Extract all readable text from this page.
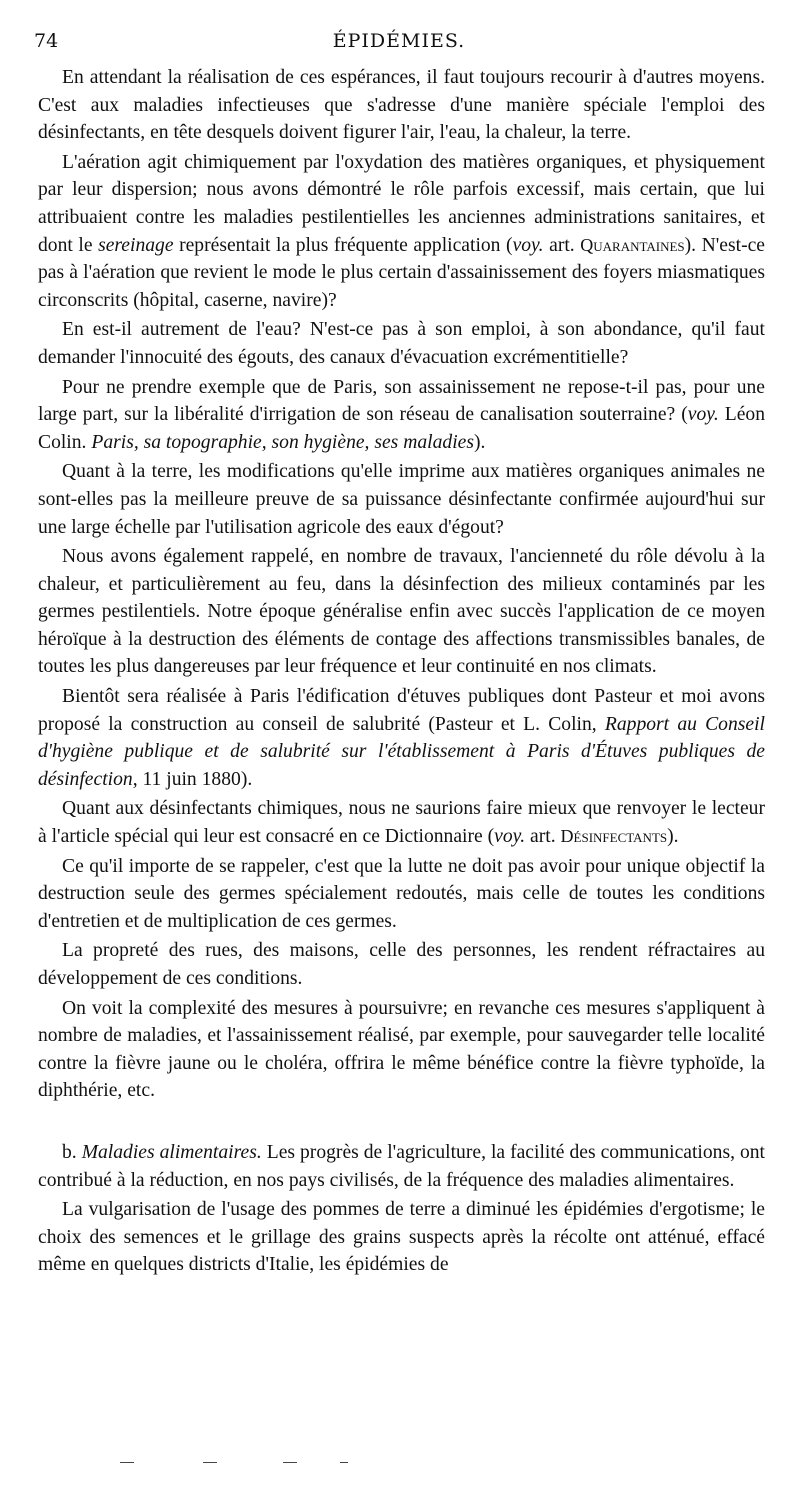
74	ÉPIDÉMIES.

En attendant la réalisation de ces espérances, il faut toujours recourir à d'autres moyens. C'est aux maladies infectieuses que s'adresse d'une manière spéciale l'emploi des désinfectants, en tête desquels doivent figurer l'air, l'eau, la chaleur, la terre.

L'aération agit chimiquement par l'oxydation des matières organiques, et physiquement par leur dispersion; nous avons démontré le rôle parfois excessif, mais certain, que lui attribuaient contre les maladies pestilentielles les anciennes administrations sanitaires, et dont le sereinage représentait la plus fréquente application (voy. art. Quarantaines). N'est-ce pas à l'aération que revient le mode le plus certain d'assainissement des foyers miasmatiques circonscrits (hôpital, caserne, navire)?

En est-il autrement de l'eau? N'est-ce pas à son emploi, à son abondance, qu'il faut demander l'innocuité des égouts, des canaux d'évacuation excrémentitielle?

Pour ne prendre exemple que de Paris, son assainissement ne repose-t-il pas, pour une large part, sur la libéralité d'irrigation de son réseau de canalisation souterraine? (voy. Léon Colin. Paris, sa topographie, son hygiène, ses maladies).

Quant à la terre, les modifications qu'elle imprime aux matières organiques animales ne sont-elles pas la meilleure preuve de sa puissance désinfectante confirmée aujourd'hui sur une large échelle par l'utilisation agricole des eaux d'égout?

Nous avons également rappelé, en nombre de travaux, l'ancienneté du rôle dévolu à la chaleur, et particulièrement au feu, dans la désinfection des milieux contaminés par les germes pestilentiels. Notre époque généralise enfin avec succès l'application de ce moyen héroïque à la destruction des éléments de contage des affections transmissibles banales, de toutes les plus dangereuses par leur fréquence et leur continuité en nos climats.

Bientôt sera réalisée à Paris l'édification d'étuves publiques dont Pasteur et moi avons proposé la construction au conseil de salubrité (Pasteur et L. Colin, Rapport au Conseil d'hygiène publique et de salubrité sur l'établissement à Paris d'Étuves publiques de désinfection, 11 juin 1880).

Quant aux désinfectants chimiques, nous ne saurions faire mieux que renvoyer le lecteur à l'article spécial qui leur est consacré en ce Dictionnaire (voy. art. Désinfectants).

Ce qu'il importe de se rappeler, c'est que la lutte ne doit pas avoir pour unique objectif la destruction seule des germes spécialement redoutés, mais celle de toutes les conditions d'entretien et de multiplication de ces germes.

La propreté des rues, des maisons, celle des personnes, les rendent réfractaires au développement de ces conditions.

On voit la complexité des mesures à poursuivre; en revanche ces mesures s'appliquent à nombre de maladies, et l'assainissement réalisé, par exemple, pour sauvegarder telle localité contre la fièvre jaune ou le choléra, offrira le même bénéfice contre la fièvre typhoïde, la diphthérie, etc.

b. Maladies alimentaires. Les progrès de l'agriculture, la facilité des communications, ont contribué à la réduction, en nos pays civilisés, de la fréquence des maladies alimentaires.

La vulgarisation de l'usage des pommes de terre a diminué les épidémies d'ergotisme; le choix des semences et le grillage des grains suspects après la récolte ont atténué, effacé même en quelques districts d'Italie, les épidémies de
